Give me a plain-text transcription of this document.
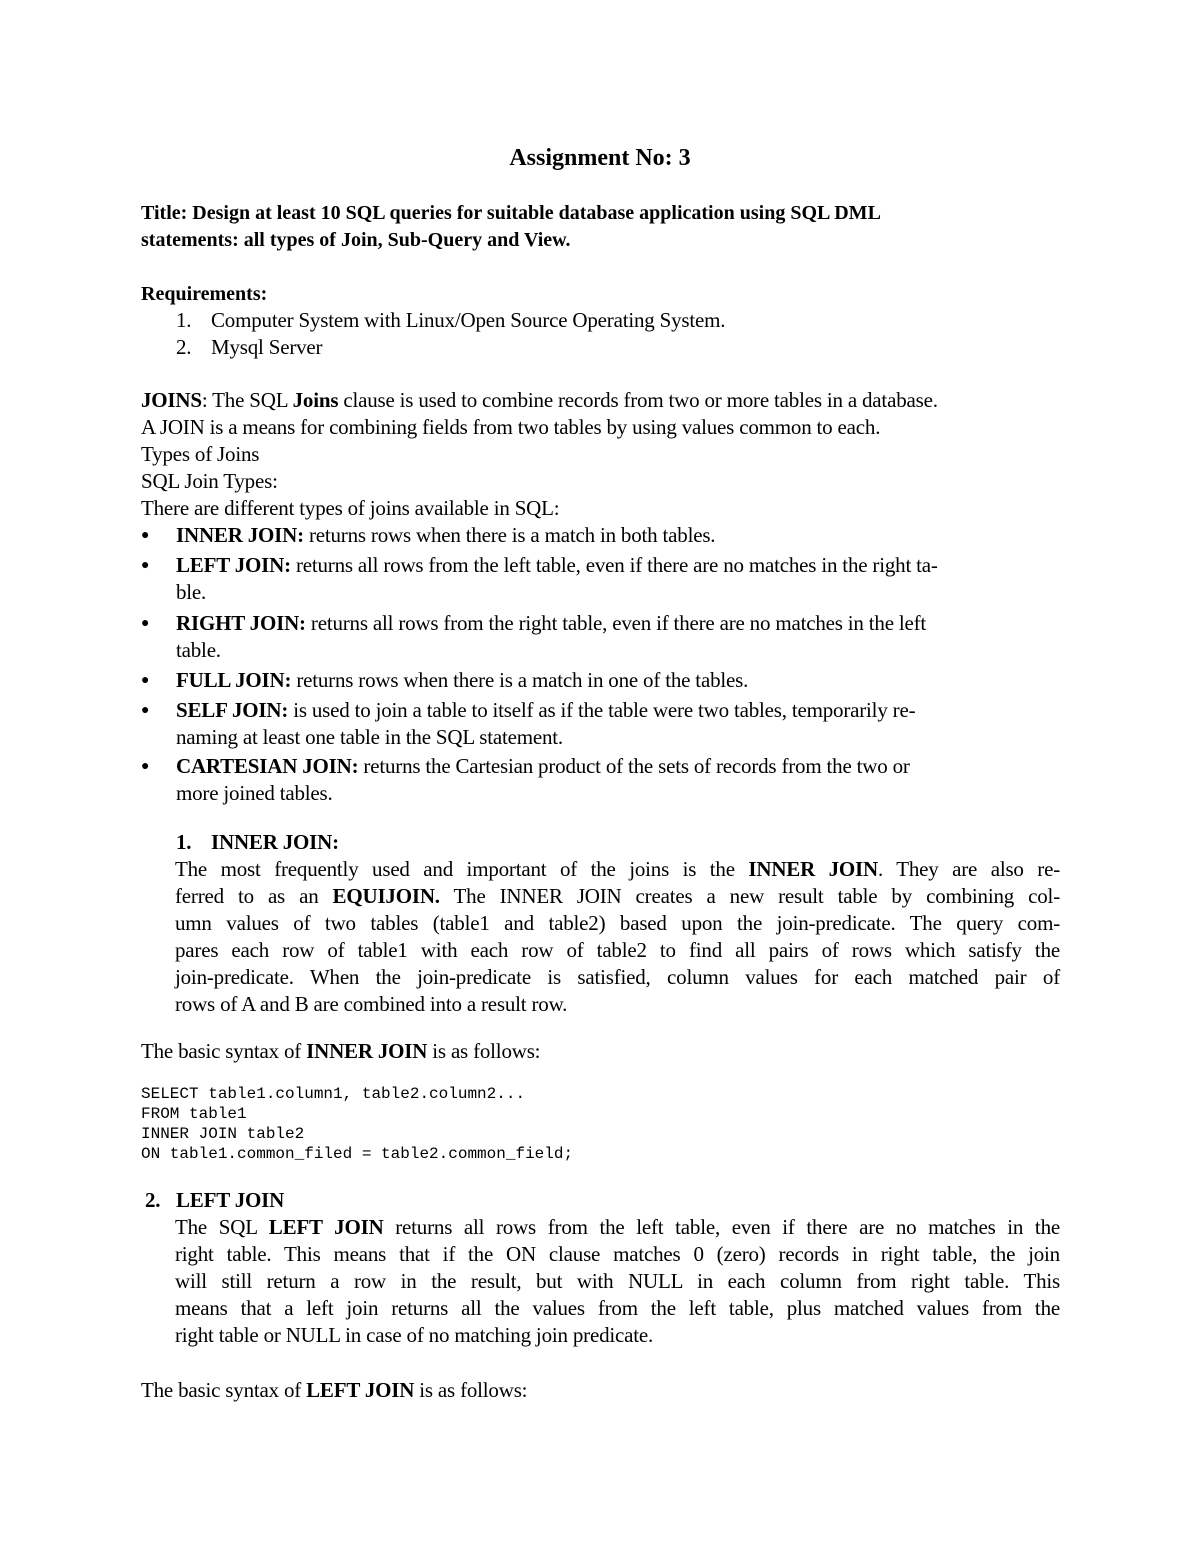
Assignment No: 3
Title: Design at least 10 SQL queries for suitable database application using SQL DML
statements: all types of Join, Sub-Query and View.
Requirements:
1. Computer System with Linux/Open Source Operating System.
2. Mysql Server
JOINS: The SQL Joins clause is used to combine records from two or more tables in a database.
A JOIN is a means for combining fields from two tables by using values common to each.
Types of Joins
SQL Join Types:
There are different types of joins available in SQL:
● INNER JOIN: returns rows when there is a match in both tables.
● LEFT JOIN: returns all rows from the left table, even if there are no matches in the right ta-
ble.
● RIGHT JOIN: returns all rows from the right table, even if there are no matches in the left
table.
● FULL JOIN: returns rows when there is a match in one of the tables.
● SELF JOIN: is used to join a table to itself as if the table were two tables, temporarily re-
naming at least one table in the SQL statement.
● CARTESIAN JOIN: returns the Cartesian product of the sets of records from the two or
more joined tables.
1. INNER JOIN:
The most frequently used and important of the joins is the INNER JOIN. They are also re-
ferred to as an EQUIJOIN. The INNER JOIN creates a new result table by combining col-
umn values of two tables (table1 and table2) based upon the join-predicate. The query com-
pares each row of table1 with each row of table2 to find all pairs of rows which satisfy the
join-predicate. When the join-predicate is satisfied, column values for each matched pair of
rows of A and B are combined into a result row.
The basic syntax of INNER JOIN is as follows:
SELECT table1.column1, table2.column2...
FROM table1
INNER JOIN table2
ON table1.common_filed = table2.common_field;
2. LEFT JOIN
The SQL LEFT JOIN returns all rows from the left table, even if there are no matches in the
right table. This means that if the ON clause matches 0 (zero) records in right table, the join
will still return a row in the result, but with NULL in each column from right table. This
means that a left join returns all the values from the left table, plus matched values from the
right table or NULL in case of no matching join predicate.
The basic syntax of LEFT JOIN is as follows:
